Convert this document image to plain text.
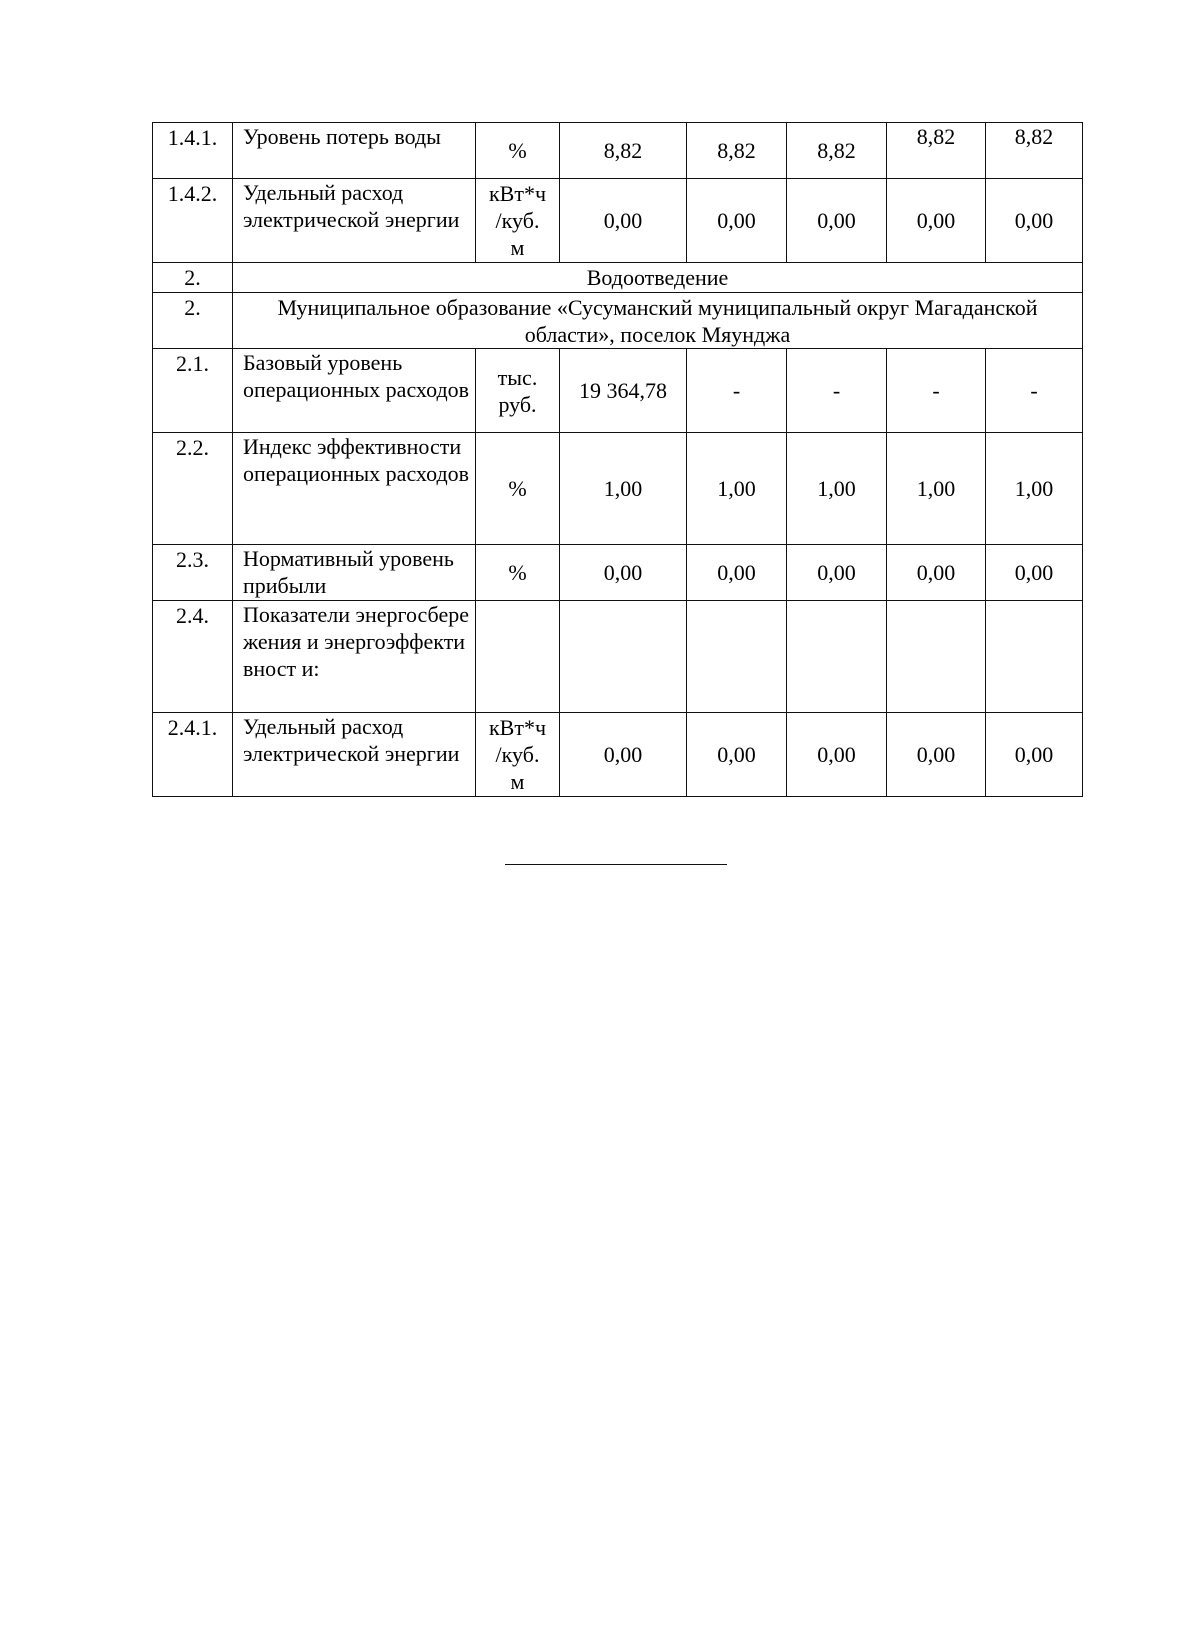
1.4.1.	Уровень потерь воды	%	8,82	8,82	8,82	8,82	8,82
1.4.2.	Удельный расход электрической энергии	кВт*ч
/куб.
м	0,00	0,00	0,00	0,00	0,00
2.	Водоотведение						
2.	Муниципальное образование «Сусуманский муниципальный округ Магаданской области», поселок Мяунджа						
2.1.	Базовый уровень операционных расходов	тыс.
руб.	19 364,78	-	-	-	-
2.2.	Индекс эффективности операционных расходов	%	1,00	1,00	1,00	1,00	1,00
2.3.	Нормативный уровень прибыли	%	0,00	0,00	0,00	0,00	0,00
2.4.	Показатели энергосбережения и энергоэффективност и:						
2.4.1.	Удельный расход электрической энергии	кВт*ч
/куб.
м	0,00	0,00	0,00	0,00	0,00
